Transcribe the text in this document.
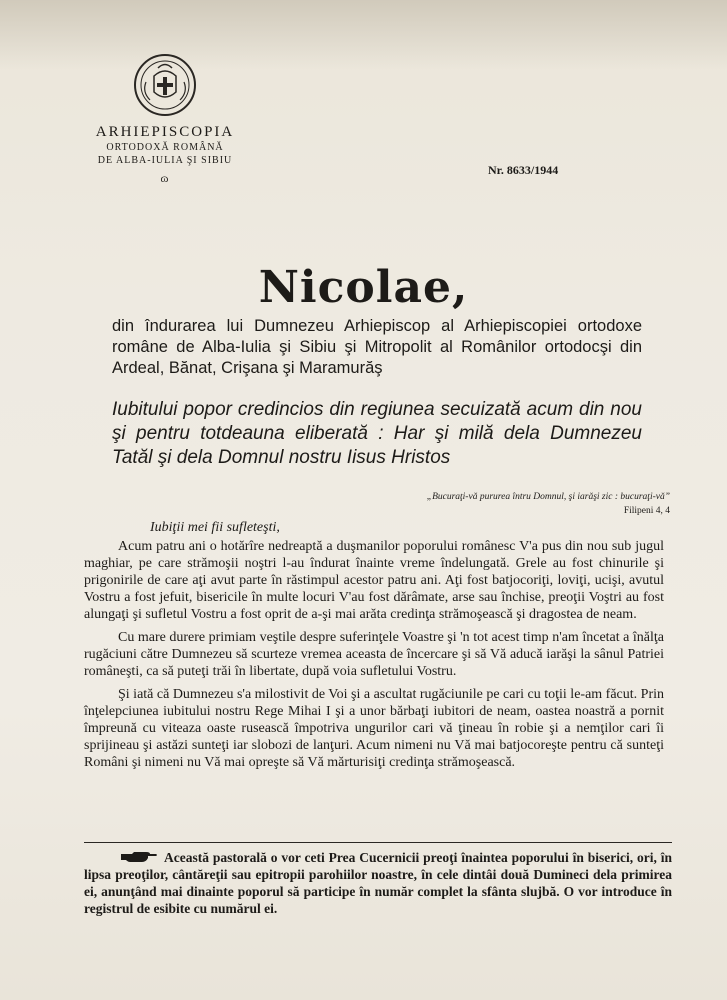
ARHIEPISCOPIA
ORTODOXĂ ROMÂNĂ
DE ALBA-IULIA ŞI SIBIU
ɷ
Nr. 8633/1944
Nicolae,
din îndurarea lui Dumnezeu Arhiepiscop al Arhiepiscopiei ortodoxe române de Alba-Iulia şi Sibiu şi Mitropolit al Românilor ortodocşi din Ardeal, Bănat, Crişana şi Maramurăş
Iubitului popor credincios din regiunea secuizată acum din nou şi pentru totdeauna eliberată : Har şi milă dela Dumnezeu Tatăl şi dela Domnul nostru Iisus Hristos
„Bucuraţi-vă pururea întru Domnul, şi iarăşi zic : bucuraţi-vă”
Filipeni 4, 4
Iubiţii mei fii sufleteşti,

Acum patru ani o hotărîre nedreaptă a duşmanilor poporului românesc V'a pus din nou sub jugul maghiar, pe care strămoşii noştri l-au îndurat înainte vreme îndelungată. Grele au fost chinurile şi prigonirile de care aţi avut parte în răstimpul acestor patru ani. Aţi fost batjocoriţi, loviţi, ucişi, avutul Vostru a fost jefuit, bisericile în multe locuri V'au fost dărâmate, arse sau închise, preoţii Voştri au fost alungaţi şi sufletul Vostru a fost oprit de a-şi mai arăta credinţa strămoşească şi dragostea de neam.

Cu mare durere primiam veştile despre suferinţele Voastre şi 'n tot acest timp n'am încetat a înălţa rugăciuni către Dumnezeu să scurteze vremea aceasta de încercare şi să Vă aducă iarăşi la sânul Patriei româneşti, ca să puteţi trăi în libertate, după voia sufletului Vostru.

Şi iată că Dumnezeu s'a milostivit de Voi şi a ascultat rugăciunile pe cari cu toţii le-am făcut. Prin înţelepciunea iubitului nostru Rege Mihai I şi a unor bărbaţi iubitori de neam, oastea noastră a pornit împreună cu viteaza oaste rusească împotriva ungurilor cari vă ţineau în robie şi a nemţilor cari îi sprijineau şi astăzi sunteţi iar slobozi de lanţuri. Acum nimeni nu Vă mai batjocoreşte pentru că sunteţi Români şi nimeni nu Vă mai opreşte să Vă mărturisiţi credinţa strămoşească.

Această pastorală o vor ceti Prea Cucernicii preoţi înaintea poporului în biserici, ori, în lipsa preoţilor, cântăreţii sau epitropii parohiilor noastre, în cele dintâi două Dumineci dela primirea ei, anunţând mai dinainte poporul să participe în număr complet la sfânta slujbă. O vor introduce în registrul de esibite cu numărul ei.
